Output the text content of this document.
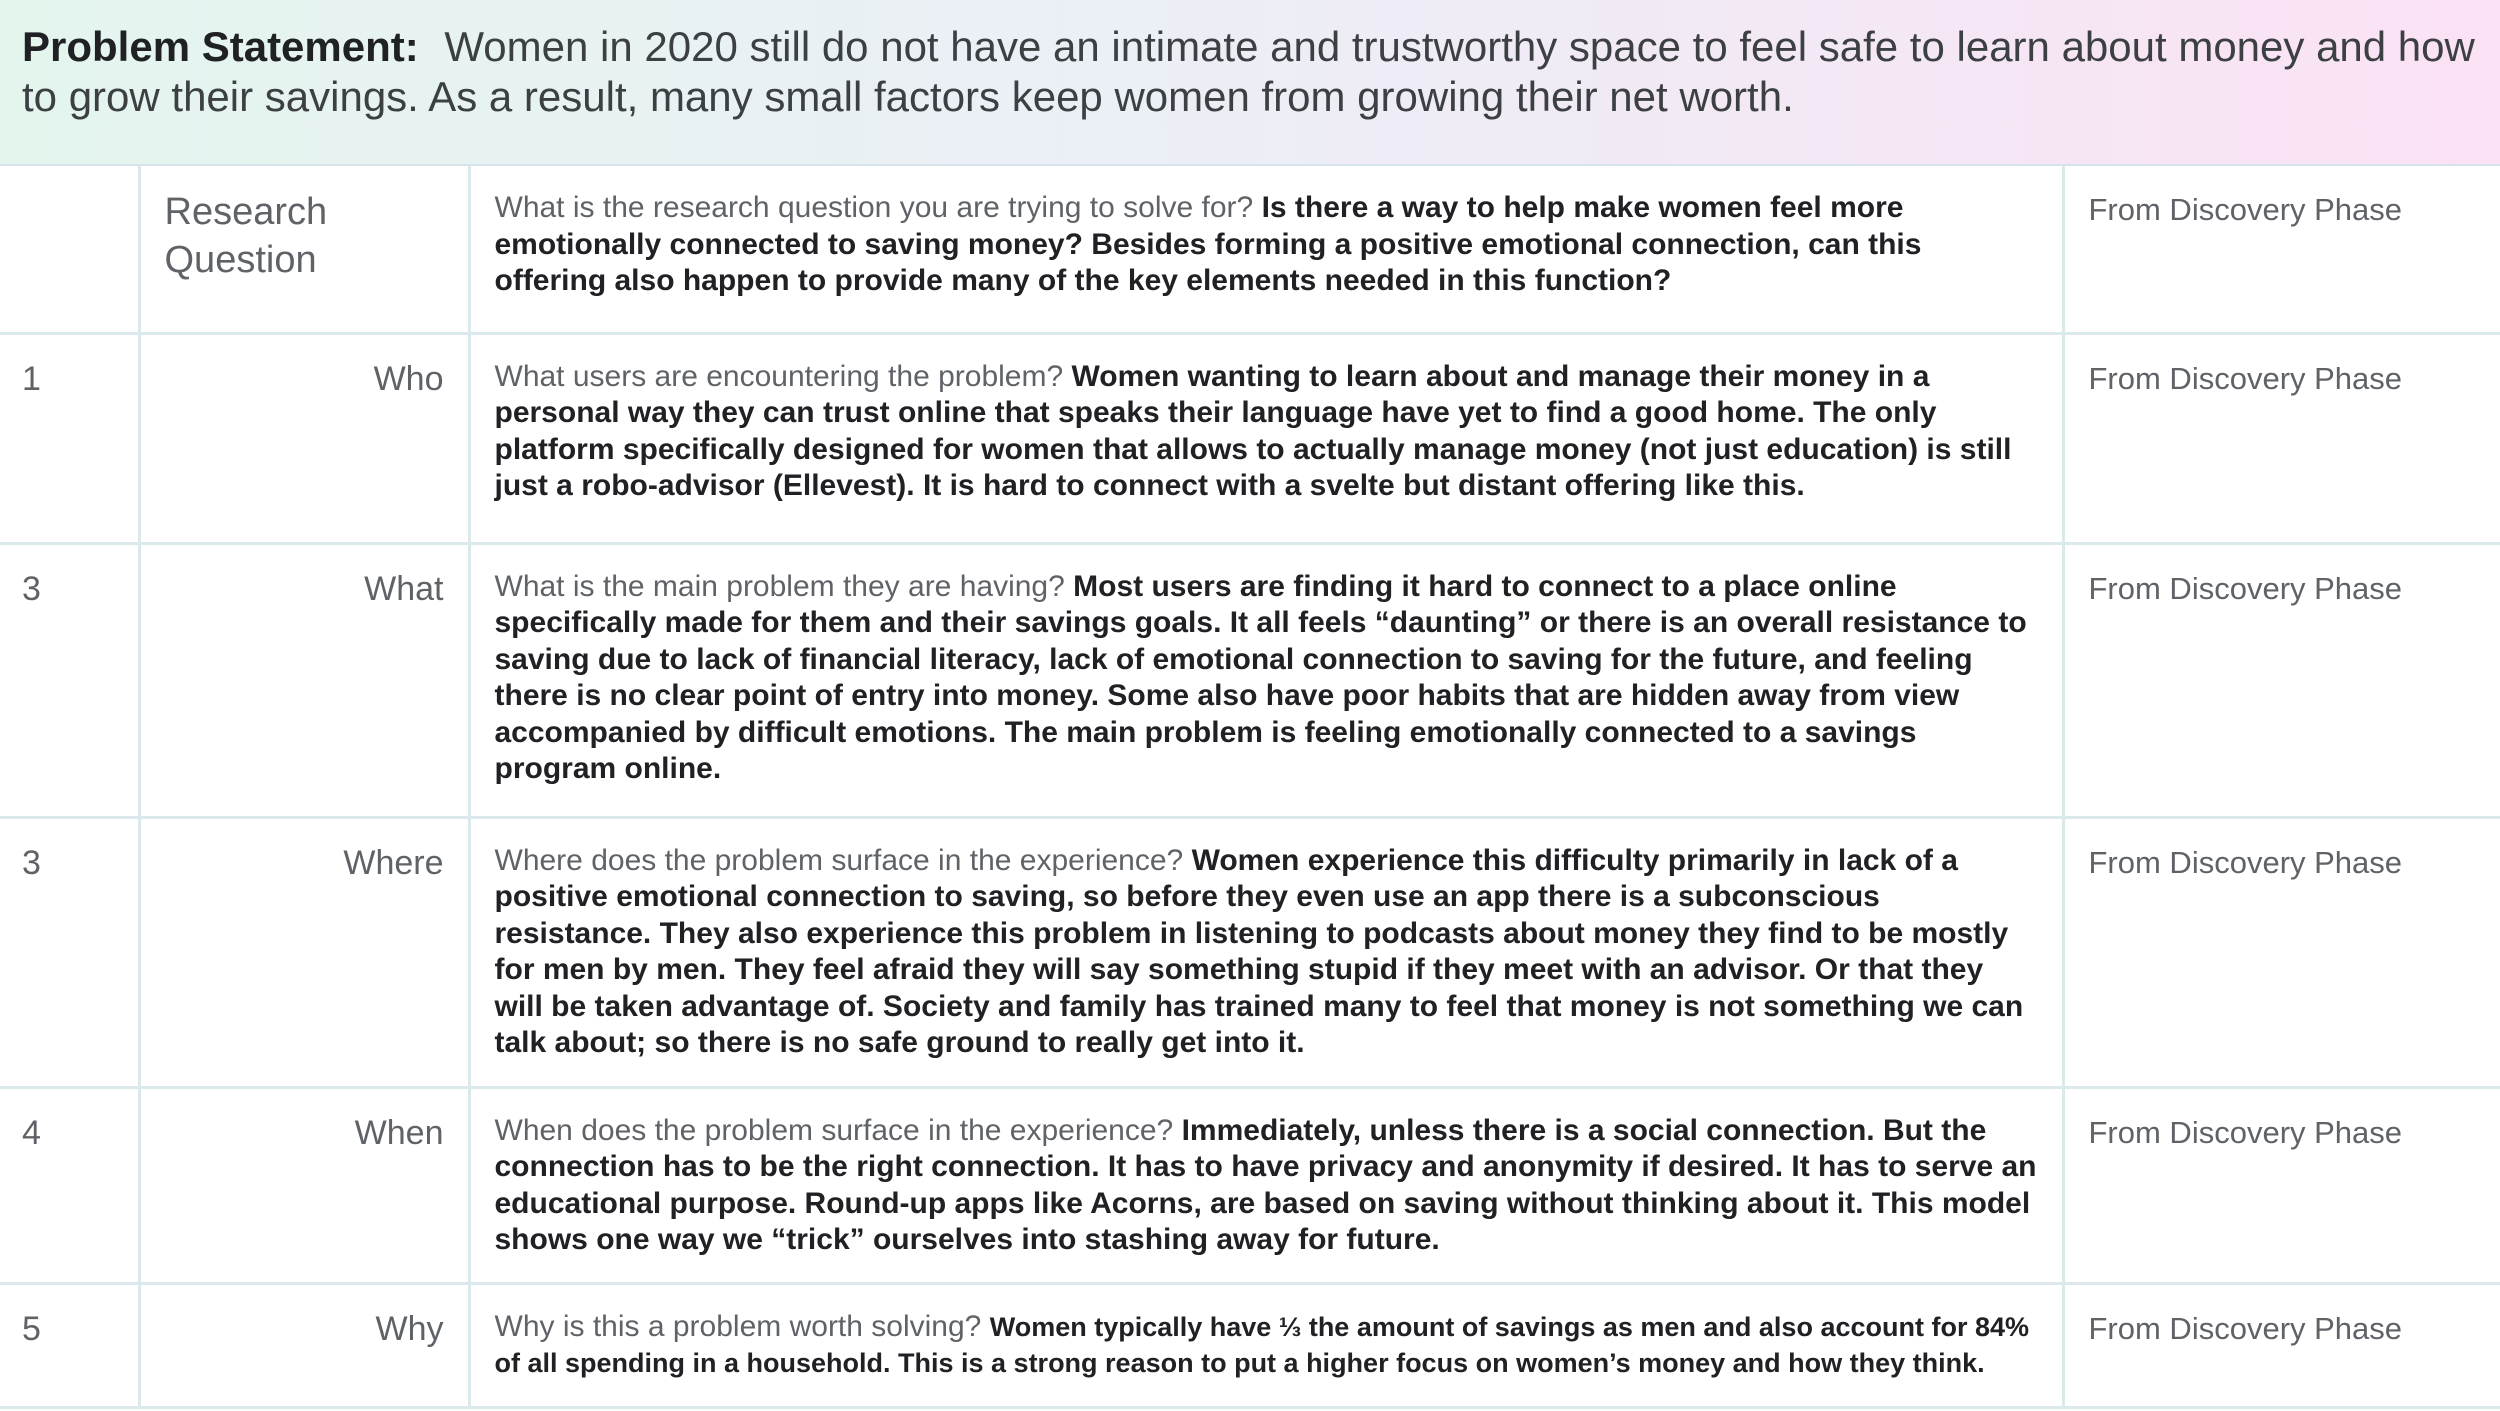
Problem Statement: Women in 2020 still do not have an intimate and trustworthy space to feel safe to learn about money and how to grow their savings. As a result, many small factors keep women from growing their net worth.
	Research Question	What is the research question you are trying to solve for? Is there a way to help make women feel more emotionally connected to saving money? Besides forming a positive emotional connection, can this offering also happen to provide many of the key elements needed in this function?	From Discovery Phase
1	Who	What users are encountering the problem? Women wanting to learn about and manage their money in a personal way they can trust online that speaks their language have yet to find a good home. The only platform specifically designed for women that allows to actually manage money (not just education) is still just a robo-advisor (Ellevest). It is hard to connect with a svelte but distant offering like this.	From Discovery Phase
3	What	What is the main problem they are having? Most users are finding it hard to connect to a place online specifically made for them and their savings goals. It all feels “daunting” or there is an overall resistance to saving due to lack of financial literacy, lack of emotional connection to saving for the future, and feeling there is no clear point of entry into money. Some also have poor habits that are hidden away from view accompanied by difficult emotions. The main problem is feeling emotionally connected to a savings program online.	From Discovery Phase
3	Where	Where does the problem surface in the experience? Women experience this difficulty primarily in lack of a positive emotional connection to saving, so before they even use an app there is a subconscious resistance. They also experience this problem in listening to podcasts about money they find to be mostly for men by men. They feel afraid they will say something stupid if they meet with an advisor. Or that they will be taken advantage of. Society and family has trained many to feel that money is not something we can talk about; so there is no safe ground to really get into it.	From Discovery Phase
4	When	When does the problem surface in the experience? Immediately, unless there is a social connection. But the connection has to be the right connection. It has to have privacy and anonymity if desired. It has to serve an educational purpose. Round-up apps like Acorns, are based on saving without thinking about it. This model shows one way we “trick” ourselves into stashing away for future.	From Discovery Phase
5	Why	Why is this a problem worth solving? Women typically have ⅓ the amount of savings as men and also account for 84% of all spending in a household. This is a strong reason to put a higher focus on women’s money and how they think.	From Discovery Phase
